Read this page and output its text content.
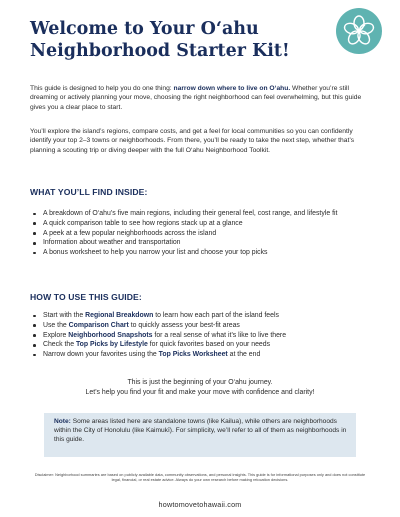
Welcome to Your O‘ahu Neighborhood Starter Kit!

This guide is designed to help you do one thing: narrow down where to live on O‘ahu. Whether you’re still dreaming or actively planning your move, choosing the right neighborhood can feel overwhelming, but this guide gives you a clear place to start.

You’ll explore the island’s regions, compare costs, and get a feel for local communities so you can confidently identify your top 2–3 towns or neighborhoods. From there, you’ll be ready to take the next step, whether that’s planning a scouting trip or diving deeper with the full O‘ahu Neighborhood Toolkit.

WHAT YOU’LL FIND INSIDE:
A breakdown of O‘ahu’s five main regions, including their general feel, cost range, and lifestyle fit
A quick comparison table to see how regions stack up at a glance
A peek at a few popular neighborhoods across the island
Information about weather and transportation
A bonus worksheet to help you narrow your list and choose your top picks
HOW TO USE THIS GUIDE:
Start with the Regional Breakdown to learn how each part of the island feels
Use the Comparison Chart to quickly assess your best-fit areas
Explore Neighborhood Snapshots for a real sense of what it’s like to live there
Check the Top Picks by Lifestyle for quick favorites based on your needs
Narrow down your favorites using the Top Picks Worksheet at the end

This is just the beginning of your O‘ahu journey.
Let’s help you find your fit and make your move with confidence and clarity!

Note: Some areas listed here are standalone towns (like Kailua), while others are neighborhoods within the City of Honolulu (like Kaimukī). For simplicity, we’ll refer to all of them as neighborhoods in this guide.

Disclaimer: Neighborhood summaries are based on publicly available data, community observations, and personal insights. This guide is for informational purposes only and does not constitute legal, financial, or real estate advice. Always do your own research before making relocation decisions.

howtomovetohawaii.com
